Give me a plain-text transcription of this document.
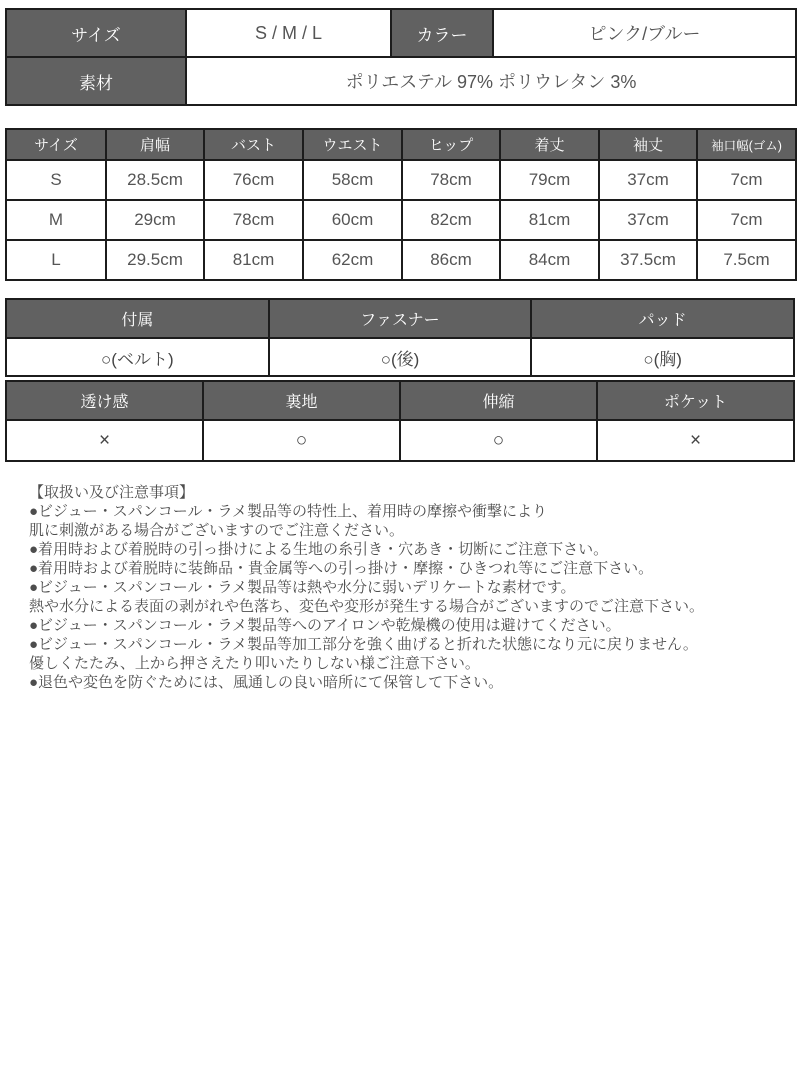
サイズ	S / M / L	カラー	ピンク/ブルー
素材	ポリエステル 97% ポリウレタン 3%		
サイズ	肩幅	バスト	ウエスト	ヒップ	着丈	袖丈	袖口幅(ゴム)
S	28.5cm	76cm	58cm	78cm	79cm	37cm	7cm
M	29cm	78cm	60cm	82cm	81cm	37cm	7cm
L	29.5cm	81cm	62cm	86cm	84cm	37.5cm	7.5cm
付属	ファスナー	パッド
○(ベルト)	○(後)	○(胸)
透け感	裏地	伸縮	ポケット
×	○	○	×
【取扱い及び注意事項】
●ビジュー・スパンコール・ラメ製品等の特性上、着用時の摩擦や衝撃により
肌に刺激がある場合がございますのでご注意ください。
●着用時および着脱時の引っ掛けによる生地の糸引き・穴あき・切断にご注意下さい。
●着用時および着脱時に装飾品・貴金属等への引っ掛け・摩擦・ひきつれ等にご注意下さい。
●ビジュー・スパンコール・ラメ製品等は熱や水分に弱いデリケートな素材です。
熱や水分による表面の剥がれや色落ち、変色や変形が発生する場合がございますのでご注意下さい。
●ビジュー・スパンコール・ラメ製品等へのアイロンや乾燥機の使用は避けてください。
●ビジュー・スパンコール・ラメ製品等加工部分を強く曲げると折れた状態になり元に戻りません。
優しくたたみ、上から押さえたり叩いたりしない様ご注意下さい。
●退色や変色を防ぐためには、風通しの良い暗所にて保管して下さい。
